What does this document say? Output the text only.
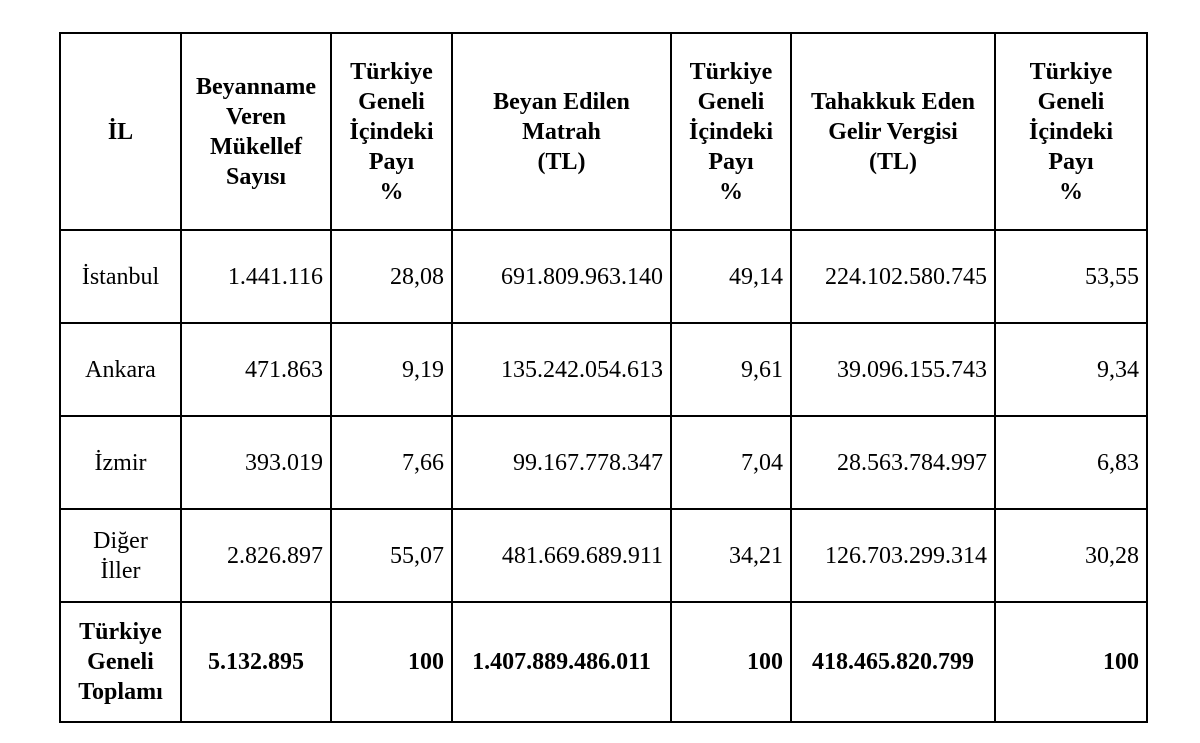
İL	Beyanname
Veren
Mükellef
Sayısı	Türkiye
Geneli
İçindeki
Payı
%	Beyan Edilen
Matrah
(TL)	Türkiye
Geneli
İçindeki
Payı
%	Tahakkuk Eden
Gelir Vergisi
(TL)	Türkiye
Geneli
İçindeki
Payı
%

İstanbul	1.441.116	28,08	691.809.963.140	49,14	224.102.580.745	53,55

Ankara	471.863	9,19	135.242.054.613	9,61	39.096.155.743	9,34

İzmir	393.019	7,66	99.167.778.347	7,04	28.563.784.997	6,83

Diğer
İller	2.826.897	55,07	481.669.689.911	34,21	126.703.299.314	30,28

Türkiye
Geneli
Toplamı	5.132.895	100	1.407.889.486.011	100	418.465.820.799	100
